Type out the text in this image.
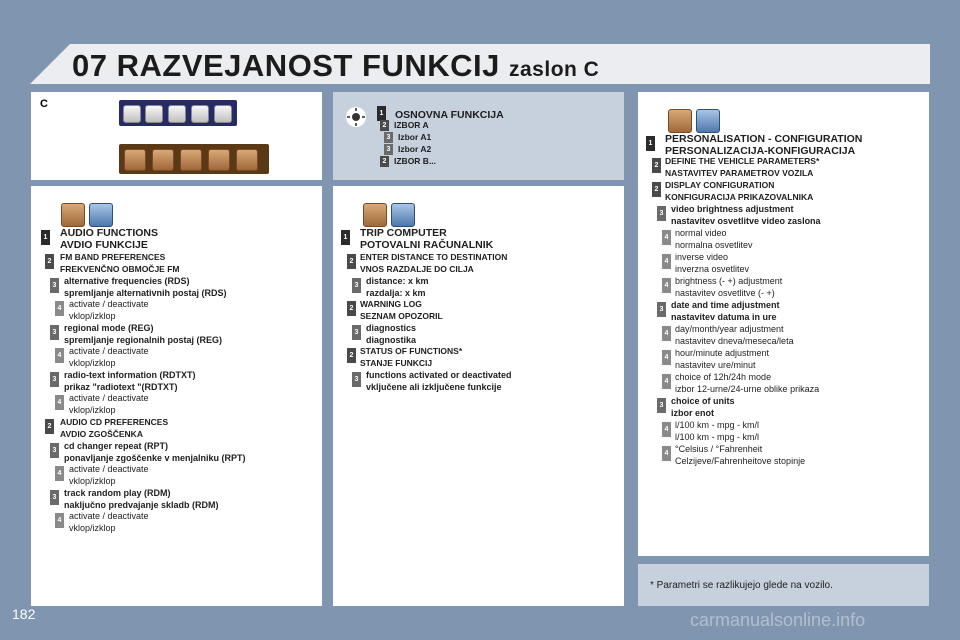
07 RAZVEJANOST FUNKCIJ zaslon C
C
1 OSNOVNA FUNKCIJA
2 IZBOR A
3 Izbor A1
3 Izbor A2
2 IZBOR B...
1
2
3
4
3
4
3
4
2
3
4
3
4
AUDIO FUNCTIONS
AVDIO FUNKCIJE
FM BAND PREFERENCES
FREKVENČNO OBMOČJE FM
alternative frequencies (RDS)
spremljanje alternativnih postaj (RDS)
activate / deactivate
vklop/izklop
regional mode (REG)
spremljanje regionalnih postaj (REG)
activate / deactivate
vklop/izklop
radio-text information (RDTXT)
prikaz "radiotext "(RDTXT)
activate / deactivate
vklop/izklop
AUDIO CD PREFERENCES
AVDIO ZGOŠČENKA
cd changer repeat (RPT)
ponavljanje zgoščenke v menjalniku (RPT)
activate / deactivate
vklop/izklop
track random play (RDM)
naključno predvajanje skladb (RDM)
activate / deactivate
vklop/izklop
1
2
3
2
3
2
3
TRIP COMPUTER
POTOVALNI RAČUNALNIK
ENTER DISTANCE TO DESTINATION
VNOS RAZDALJE DO CILJA
distance: x km
razdalja: x km
WARNING LOG
SEZNAM OPOZORIL
diagnostics
diagnostika
STATUS OF FUNCTIONS*
STANJE FUNKCIJ
functions activated or deactivated
vključene ali izključene funkcije
1
2
2
3
4
4
4
3
4
4
4
3
4
4
PERSONALISATION - CONFIGURATION
PERSONALIZACIJA-KONFIGURACIJA
DEFINE THE VEHICLE PARAMETERS*
NASTAVITEV PARAMETROV VOZILA
DISPLAY CONFIGURATION
KONFIGURACIJA PRIKAZOVALNIKA
video brightness adjustment
nastavitev osvetlitve video zaslona
normal video
normalna osvetlitev
inverse video
inverzna osvetlitev
brightness (- +) adjustment
nastavitev osvetlitve (- +)
date and time adjustment
nastavitev datuma in ure
day/month/year adjustment
nastavitev dneva/meseca/leta
hour/minute adjustment
nastavitev ure/minut
choice of 12h/24h mode
izbor 12-urne/24-urne oblike prikaza
choice of units
izbor enot
l/100 km - mpg - km/l
l/100 km - mpg - km/l
°Celsius / °Fahrenheit
Celzijeve/Fahrenheitove stopinje
* Parametri se razlikujejo glede na vozilo.
182	carmanualsonline.info
